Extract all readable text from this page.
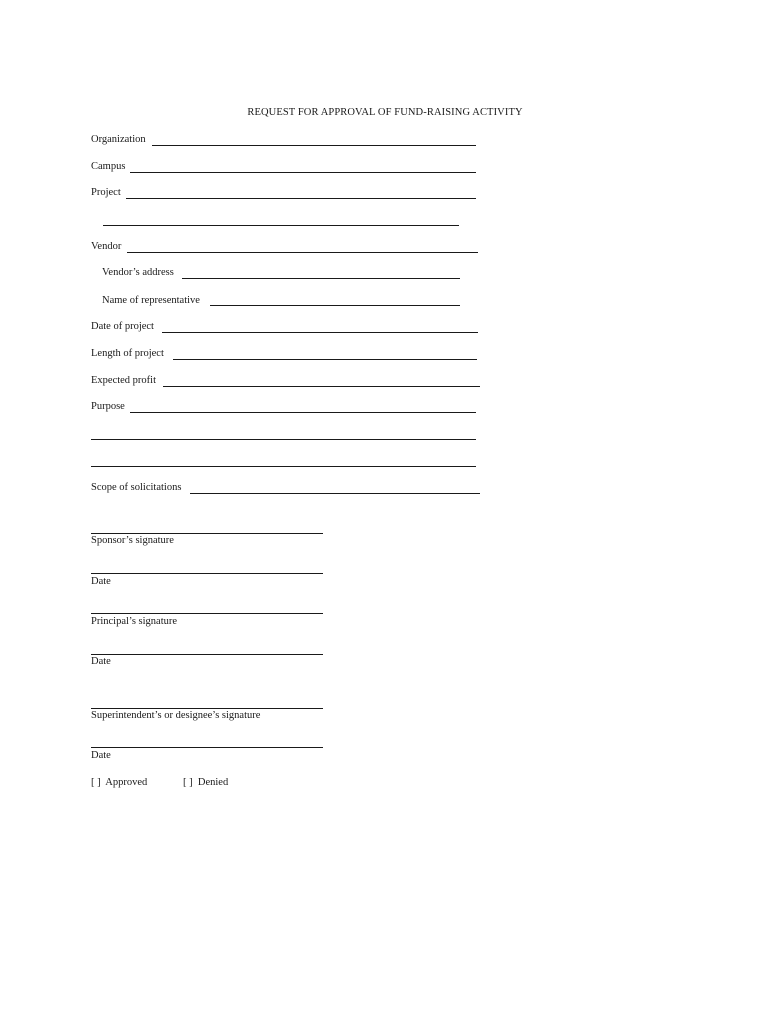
REQUEST FOR APPROVAL OF FUND-RAISING ACTIVITY
Organization
Campus
Project
Vendor
Vendor’s address
Name of representative
Date of project
Length of project
Expected profit
Purpose
Scope of solicitations
Sponsor’s signature
Date
Principal’s signature
Date
Superintendent’s or designee’s signature
Date
[ ]  Approved	[ ]  Denied
